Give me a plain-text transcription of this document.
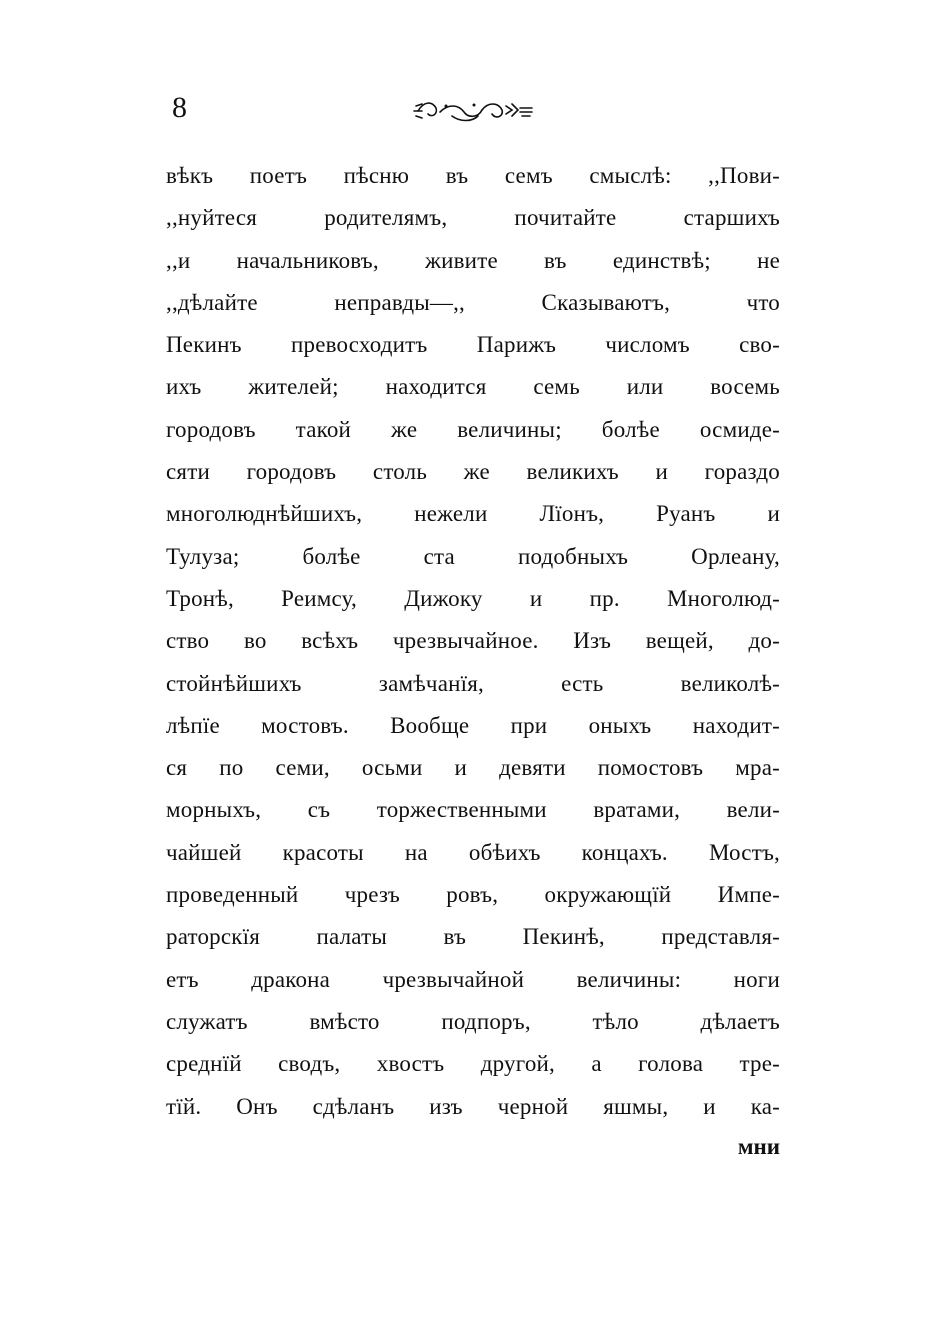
8
вѣкъ поетъ пѣсню въ семъ смыслѣ: ,,Пови-
,,нуйтеся родителямъ, почитайте старшихъ
,,и начальниковъ, живите въ единствѣ; не
,,дѣлайте неправды—,, Сказываютъ, что
Пекинъ превосходитъ Парижъ числомъ сво-
ихъ жителей; находится семь или восемь
городовъ такой же величины; болѣе осмиде-
сяти городовъ столь же великихъ и гораздо
многолюднѣйшихъ, нежели Лїонъ, Руанъ и
Тулуза; болѣе ста подобныхъ Орлеану,
Тронѣ, Реимсу, Дижоку и пр. Многолюд-
ство во всѣхъ чрезвычайное. Изъ вещей, до-
стойнѣйшихъ замѣчанїя, есть великолѣ-
лѣпїе мостовъ. Вообще при оныхъ находит-
ся по семи, осьми и девяти помостовъ мра-
морныхъ, съ торжественными вратами, вели-
чайшей красоты на обѣихъ концахъ. Мостъ,
проведенный чрезъ ровъ, окружающїй Импе-
раторскїя палаты въ Пекинѣ, представля-
етъ дракона чрезвычайной величины: ноги
служатъ вмѣсто подпоръ, тѣло дѣлаетъ
среднїй сводъ, хвостъ другой, а голова тре-
тїй. Онъ сдѣланъ изъ черной яшмы, и ка-
мни
